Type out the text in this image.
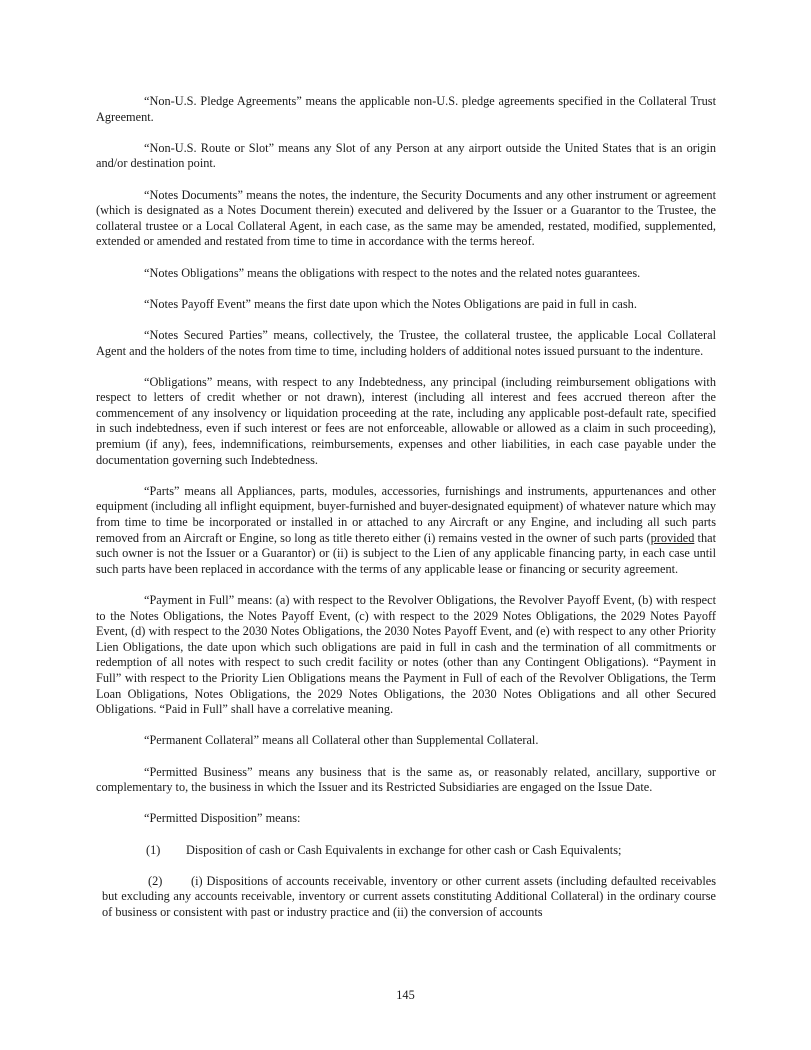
“Non-U.S. Pledge Agreements” means the applicable non-U.S. pledge agreements specified in the Collateral Trust Agreement.

“Non-U.S. Route or Slot” means any Slot of any Person at any airport outside the United States that is an origin and/or destination point.

“Notes Documents” means the notes, the indenture, the Security Documents and any other instrument or agreement (which is designated as a Notes Document therein) executed and delivered by the Issuer or a Guarantor to the Trustee, the collateral trustee or a Local Collateral Agent, in each case, as the same may be amended, restated, modified, supplemented, extended or amended and restated from time to time in accordance with the terms hereof.

“Notes Obligations” means the obligations with respect to the notes and the related notes guarantees.

“Notes Payoff Event” means the first date upon which the Notes Obligations are paid in full in cash.

“Notes Secured Parties” means, collectively, the Trustee, the collateral trustee, the applicable Local Collateral Agent and the holders of the notes from time to time, including holders of additional notes issued pursuant to the indenture.

“Obligations” means, with respect to any Indebtedness, any principal (including reimbursement obligations with respect to letters of credit whether or not drawn), interest (including all interest and fees accrued thereon after the commencement of any insolvency or liquidation proceeding at the rate, including any applicable post-default rate, specified in such indebtedness, even if such interest or fees are not enforceable, allowable or allowed as a claim in such proceeding), premium (if any), fees, indemnifications, reimbursements, expenses and other liabilities, in each case payable under the documentation governing such Indebtedness.

“Parts” means all Appliances, parts, modules, accessories, furnishings and instruments, appurtenances and other equipment (including all inflight equipment, buyer-furnished and buyer-designated equipment) of whatever nature which may from time to time be incorporated or installed in or attached to any Aircraft or any Engine, and including all such parts removed from an Aircraft or Engine, so long as title thereto either (i) remains vested in the owner of such parts (provided that such owner is not the Issuer or a Guarantor) or (ii) is subject to the Lien of any applicable financing party, in each case until such parts have been replaced in accordance with the terms of any applicable lease or financing or security agreement.

“Payment in Full” means: (a) with respect to the Revolver Obligations, the Revolver Payoff Event, (b) with respect to the Notes Obligations, the Notes Payoff Event, (c) with respect to the 2029 Notes Obligations, the 2029 Notes Payoff Event, (d) with respect to the 2030 Notes Obligations, the 2030 Notes Payoff Event, and (e) with respect to any other Priority Lien Obligations, the date upon which such obligations are paid in full in cash and the termination of all commitments or redemption of all notes with respect to such credit facility or notes (other than any Contingent Obligations). “Payment in Full” with respect to the Priority Lien Obligations means the Payment in Full of each of the Revolver Obligations, the Term Loan Obligations, Notes Obligations, the 2029 Notes Obligations, the 2030 Notes Obligations and all other Secured Obligations. “Paid in Full” shall have a correlative meaning.

“Permanent Collateral” means all Collateral other than Supplemental Collateral.

“Permitted Business” means any business that is the same as, or reasonably related, ancillary, supportive or complementary to, the business in which the Issuer and its Restricted Subsidiaries are engaged on the Issue Date.

“Permitted Disposition” means:

(1)	Disposition of cash or Cash Equivalents in exchange for other cash or Cash Equivalents;
(2) (i) Dispositions of accounts receivable, inventory or other current assets (including defaulted receivables but excluding any accounts receivable, inventory or current assets constituting Additional Collateral) in the ordinary course of business or consistent with past or industry practice and (ii) the conversion of accounts
145
